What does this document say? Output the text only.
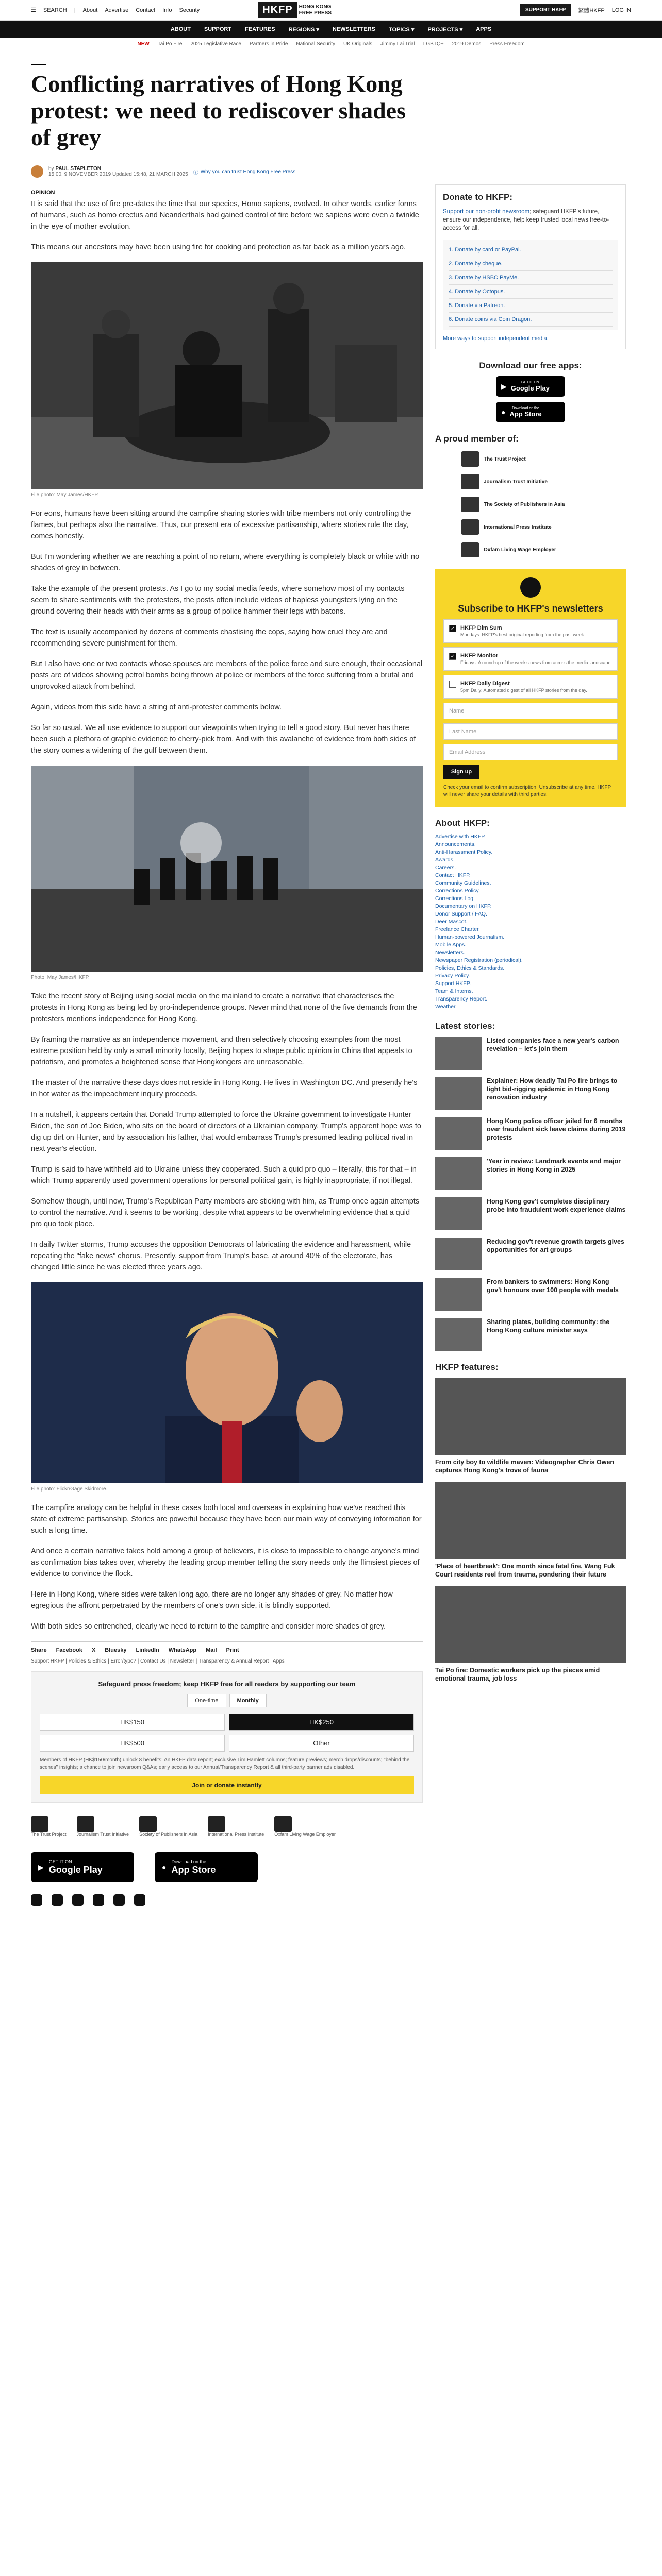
☰ SEARCH | About Advertise Contact Info Security	HKFP	HONG KONG
FREE PRESS	SUPPORT HKFP	繁體HKFP LOG IN
ABOUT SUPPORT FEATURES REGIONS ▾ NEWSLETTERS TOPICS ▾ PROJECTS ▾ APPS
NEW Tai Po Fire 2025 Legislative Race Partners in Pride National Security UK Originals Jimmy Lai Trial LGBTQ+ 2019 Demos Press Freedom
OPINION
Conflicting narratives of Hong Kong protest: we need to rediscover shades of grey
by PAUL STAPLETON
15:00, 9 NOVEMBER 2019 Updated 15:48, 21 MARCH 2025 ⓘ Why you can trust Hong Kong Free Press

It is said that the use of fire pre-dates the time that our species, Homo sapiens, evolved. In other words, earlier forms of humans, such as homo erectus and Neanderthals had gained control of fire before we sapiens were even a twinkle in the eye of mother evolution.

This means our ancestors may have been using fire for cooking and protection as far back as a million years ago.

File photo: May James/HKFP.

For eons, humans have been sitting around the campfire sharing stories with tribe members not only controlling the flames, but perhaps also the narrative. Thus, our present era of excessive partisanship, where stories rule the day, comes honestly.

But I'm wondering whether we are reaching a point of no return, where everything is completely black or white with no shades of grey in between.

Take the example of the present protests. As I go to my social media feeds, where somehow most of my contacts seem to share sentiments with the protesters, the posts often include videos of hapless youngsters lying on the ground covering their heads with their arms as a group of police hammer their legs with batons.

The text is usually accompanied by dozens of comments chastising the cops, saying how cruel they are and recommending severe punishment for them.

But I also have one or two contacts whose spouses are members of the police force and sure enough, their occasional posts are of videos showing petrol bombs being thrown at police or members of the force suffering from a brutal and unprovoked attack from behind.

Again, videos from this side have a string of anti-protester comments below.

So far so usual. We all use evidence to support our viewpoints when trying to tell a good story. But never has there been such a plethora of graphic evidence to cherry-pick from. And with this avalanche of evidence from both sides of the story comes a widening of the gulf between them.

Photo: May James/HKFP.

Take the recent story of Beijing using social media on the mainland to create a narrative that characterises the protests in Hong Kong as being led by pro-independence groups. Never mind that none of the five demands from the protesters mentions independence for Hong Kong.

By framing the narrative as an independence movement, and then selectively choosing examples from the most extreme position held by only a small minority locally, Beijing hopes to shape public opinion in China that appeals to patriotism, and promotes a heightened sense that Hongkongers are unreasonable.

The master of the narrative these days does not reside in Hong Kong. He lives in Washington DC. And presently he's in hot water as the impeachment inquiry proceeds.

In a nutshell, it appears certain that Donald Trump attempted to force the Ukraine government to investigate Hunter Biden, the son of Joe Biden, who sits on the board of directors of a Ukrainian company. Trump's apparent hope was to dig up dirt on Hunter, and by association his father, that would embarrass Trump's presumed leading political rival in next year's election.

Trump is said to have withheld aid to Ukraine unless they cooperated. Such a quid pro quo – literally, this for that – in which Trump apparently used government operations for personal political gain, is highly inappropriate, if not illegal.

Somehow though, until now, Trump's Republican Party members are sticking with him, as Trump once again attempts to control the narrative. And it seems to be working, despite what appears to be overwhelming evidence that a quid pro quo took place.

In daily Twitter storms, Trump accuses the opposition Democrats of fabricating the evidence and harassment, while repeating the "fake news" chorus. Presently, support from Trump's base, at around 40% of the electorate, has changed little since he was elected three years ago.

File photo: Flickr/Gage Skidmore.

The campfire analogy can be helpful in these cases both local and overseas in explaining how we've reached this state of extreme partisanship. Stories are powerful because they have been our main way of conveying information for such a long time.

And once a certain narrative takes hold among a group of believers, it is close to impossible to change anyone's mind as confirmation bias takes over, whereby the leading group member telling the story needs only the flimsiest pieces of evidence to convince the flock.

Here in Hong Kong, where sides were taken long ago, there are no longer any shades of grey. No matter how egregious the affront perpetrated by the members of one's own side, it is blindly supported.

With both sides so entrenched, clearly we need to return to the campfire and consider more shades of grey.

Share Facebook X Bluesky LinkedIn WhatsApp Mail Print
Support HKFP | Policies & Ethics | Error/typo? | Contact Us | Newsletter | Transparency & Annual Report | Apps
Safeguard press freedom; keep HKFP free for all readers by supporting our team
One-time	Monthly
HK$150	HK$250
HK$500	Other
Members of HKFP (HK$150/month) unlock 8 benefits: An HKFP data report; exclusive Tim Hamlett columns; feature previews; merch drops/discounts; "behind the scenes" insights; a chance to join newsroom Q&As; early access to our Annual/Transparency Report & all third-party banner ads disabled.
Join or donate instantly
The Trust Project Journalism Trust Initiative Society of Publishers in Asia International Press Institute Oxfam Living Wage Employer
▶
GET IT ON
Google Play	●
Download on the
App Store
Donate to HKFP:
Support our non-profit newsroom; safeguard HKFP's future, ensure our independence, help keep trusted local news free-to-access for all.
1. Donate by card or PayPal.
2. Donate by cheque.
3. Donate by HSBC PayMe.
4. Donate by Octopus.
5. Donate via Patreon.
6. Donate coins via Coin Dragon.
More ways to support independent media.
Download our free apps:
▶	GET IT ON
Google Play
●	Download on the
App Store
A proud member of:
The Trust Project
Journalism Trust Initiative
The Society of Publishers in Asia
International Press Institute
Oxfam Living Wage Employer
Subscribe to HKFP's newsletters
✓ HKFP Dim Sum
Mondays: HKFP's best original reporting from the past week.
✓ HKFP Monitor
Fridays: A round-up of the week's news from across the media landscape.
HKFP Daily Digest
5pm Daily: Automated digest of all HKFP stories from the day.
Name
Last Name
Email Address
Sign up
Check your email to confirm subscription. Unsubscribe at any time. HKFP will never share your details with third parties.
About HKFP:
Advertise with HKFP.
Announcements.
Anti-Harassment Policy.
Awards.
Careers.
Contact HKFP.
Community Guidelines.
Corrections Policy.
Corrections Log.
Documentary on HKFP.
Donor Support / FAQ.
Deer Mascot.
Freelance Charter.
Human-powered Journalism.
Mobile Apps.
Newsletters.
Newspaper Registration (periodical).
Policies, Ethics & Standards.
Privacy Policy.
Support HKFP.
Team & Interns.
Transparency Report.
Weather.
Latest stories:
Listed companies face a new year's carbon revelation – let's join them
Explainer: How deadly Tai Po fire brings to light bid-rigging epidemic in Hong Kong renovation industry
Hong Kong police officer jailed for 6 months over fraudulent sick leave claims during 2019 protests
'Year in review: Landmark events and major stories in Hong Kong in 2025
Hong Kong gov't completes disciplinary probe into fraudulent work experience claims
Reducing gov't revenue growth targets gives opportunities for art groups
From bankers to swimmers: Hong Kong gov't honours over 100 people with medals
Sharing plates, building community: the Hong Kong culture minister says
HKFP features:
From city boy to wildlife maven: Videographer Chris Owen captures Hong Kong's trove of fauna
'Place of heartbreak': One month since fatal fire, Wang Fuk Court residents reel from trauma, pondering their future
Tai Po fire: Domestic workers pick up the pieces amid emotional trauma, job loss
